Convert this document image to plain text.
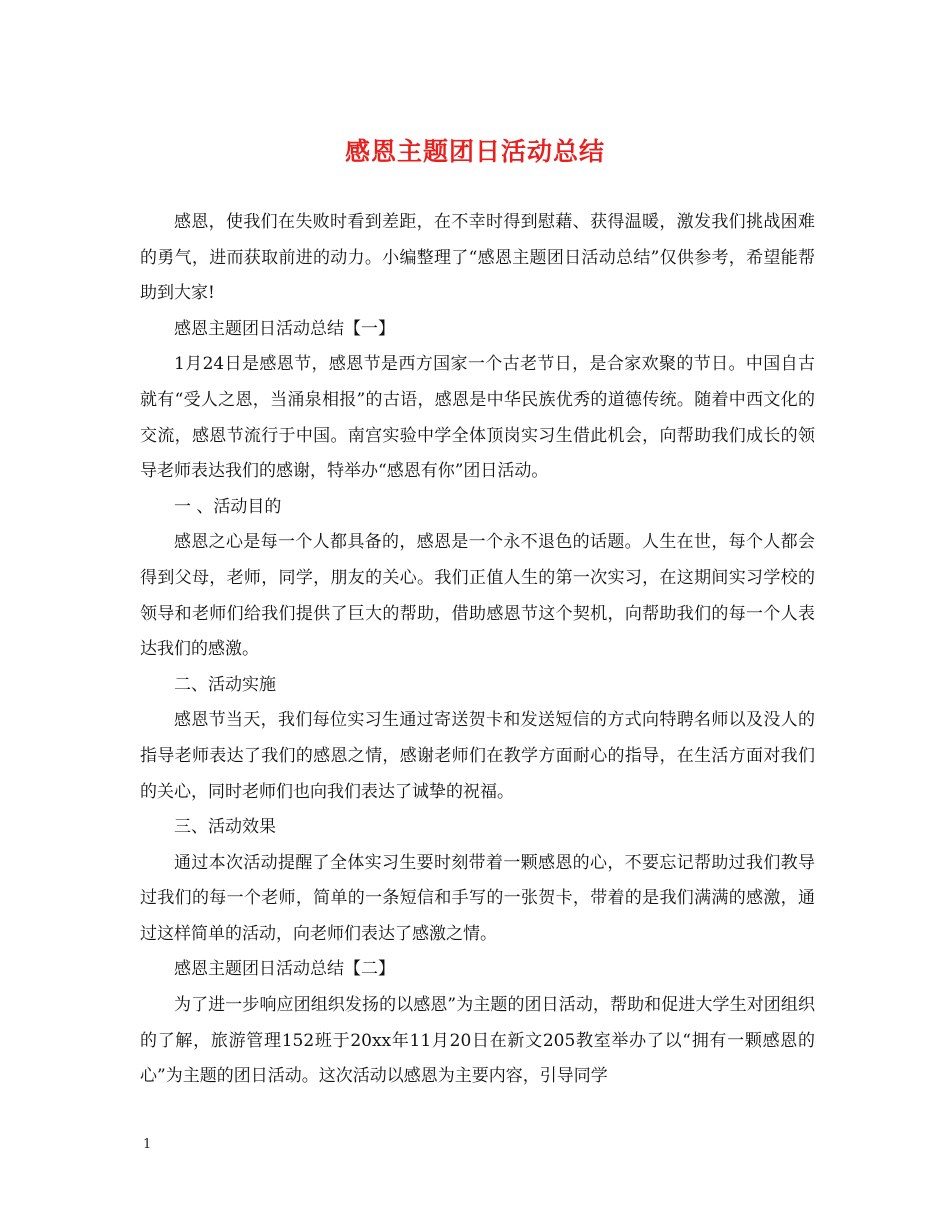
感恩主题团日活动总结

感恩，使我们在失败时看到差距，在不幸时得到慰藉、获得温暖，激发我们挑战困难的勇气，进而获取前进的动力。小编整理了“感恩主题团日活动总结”仅供参考，希望能帮助到大家!

感恩主题团日活动总结【一】

1月24日是感恩节，感恩节是西方国家一个古老节日，是合家欢聚的节日。中国自古就有“受人之恩，当涌泉相报”的古语，感恩是中华民族优秀的道德传统。随着中西文化的交流，感恩节流行于中国。南宫实验中学全体顶岗实习生借此机会，向帮助我们成长的领导老师表达我们的感谢，特举办“感恩有你”团日活动。

一 、活动目的

感恩之心是每一个人都具备的，感恩是一个永不退色的话题。人生在世，每个人都会得到父母，老师，同学，朋友的关心。我们正值人生的第一次实习，在这期间实习学校的领导和老师们给我们提供了巨大的帮助，借助感恩节这个契机，向帮助我们的每一个人表达我们的感激。

二、活动实施

感恩节当天，我们每位实习生通过寄送贺卡和发送短信的方式向特聘名师以及没人的指导老师表达了我们的感恩之情，感谢老师们在教学方面耐心的指导，在生活方面对我们的关心，同时老师们也向我们表达了诚挚的祝福。

三、活动效果

通过本次活动提醒了全体实习生要时刻带着一颗感恩的心，不要忘记帮助过我们教导过我们的每一个老师，简单的一条短信和手写的一张贺卡，带着的是我们满满的感激，通过这样简单的活动，向老师们表达了感激之情。

感恩主题团日活动总结【二】

为了进一步响应团组织发扬的以感恩”为主题的团日活动，帮助和促进大学生对团组织的了解，旅游管理152班于20xx年11月20日在新文205教室举办了以“拥有一颗感恩的心”为主题的团日活动。这次活动以感恩为主要内容，引导同学

1
